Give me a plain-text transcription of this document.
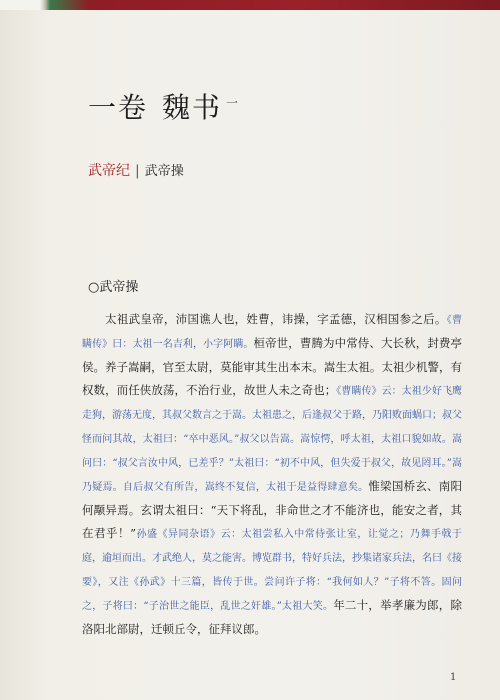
一卷 魏书 $^一$
武帝纪 | 武帝操
○武帝操
太祖武皇帝，沛国谯人也，姓曹，讳操，字孟德，汉相国参之后。《曹瞒传》曰：太祖一名吉利，小字阿瞒。桓帝世，曹腾为中常侍、大长秋，封费亭侯。养子嵩嗣，官至太尉，莫能审其生出本末。嵩生太祖。太祖少机警，有权数，而任侠放荡，不治行业，故世人未之奇也；《曹瞒传》云：太祖少好飞鹰走狗，游荡无度，其叔父数言之于嵩。太祖患之，后逢叔父于路，乃阳败面蜗口；叔父怪而问其故，太祖曰：“卒中恶风。”叔父以告嵩。嵩惊愕，呼太祖，太祖口貌如故。嵩问曰：“叔父言汝中风，已差乎？”太祖曰：“初不中风，但失爱于叔父，故见罔耳。”嵩乃疑焉。自后叔父有所告，嵩终不复信，太祖于是益得肆意矣。惟梁国桥玄、南阳何颙异焉。玄谓太祖曰：“天下将乱，非命世之才不能济也，能安之者，其在君乎！”孙盛《异同杂语》云：太祖尝私入中常侍张让室，让觉之；乃舞手戟于庭，逾垣而出。才武绝人，莫之能害。博览群书，特好兵法，抄集诸家兵法，名曰《接要》，又注《孙武》十三篇，皆传于世。尝问许子将：“我何如人？”子将不答。固问之，子将曰：“子治世之能臣，乱世之奸雄。”太祖大笑。年二十，举孝廉为郎，除洛阳北部尉，迁顿丘令，征拜议郎。
1
